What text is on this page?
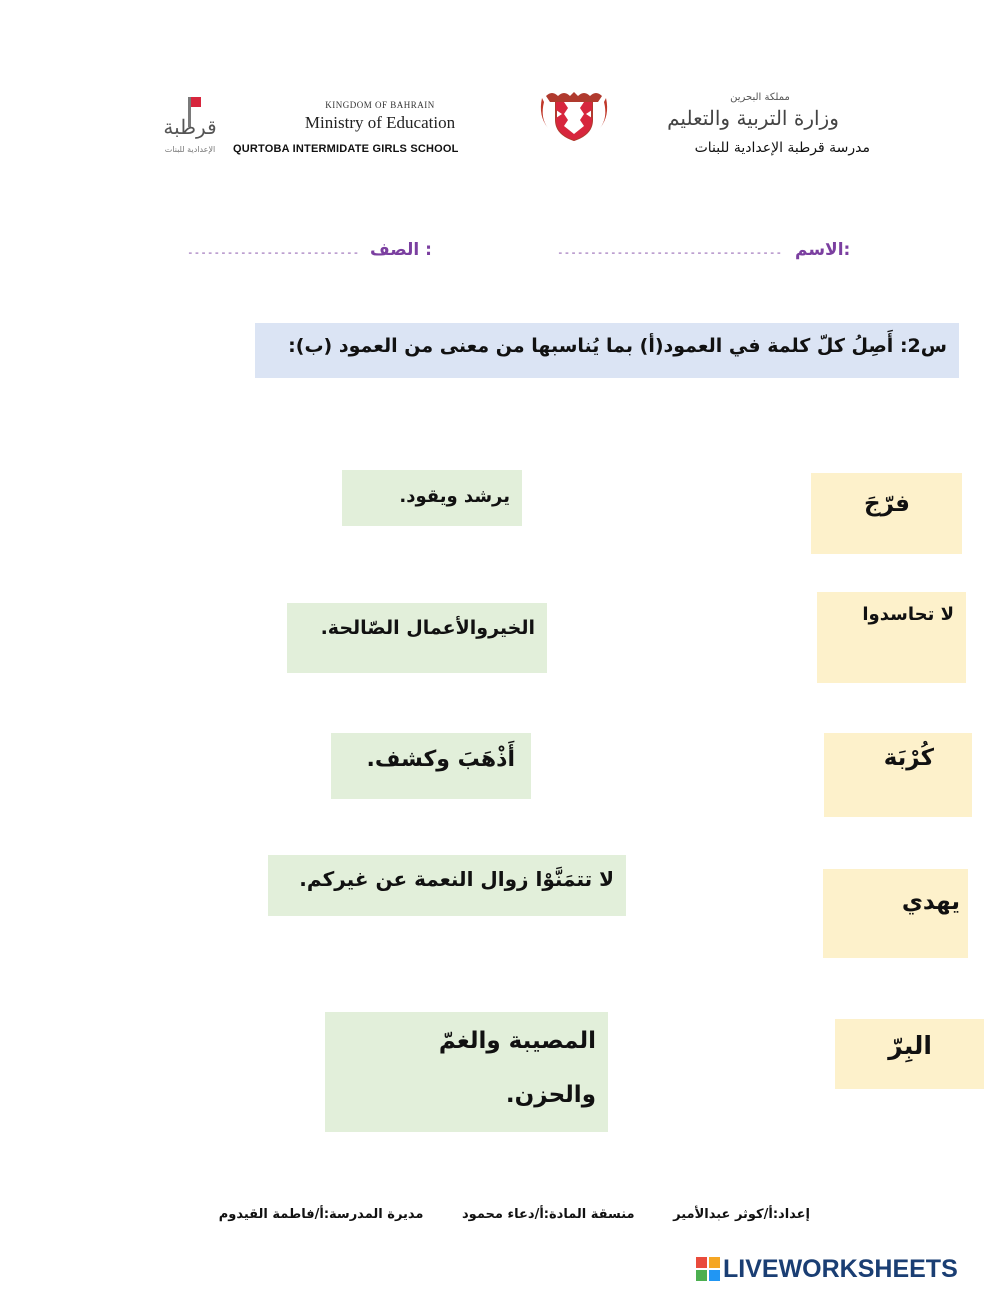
قرطبة
الإعدادية للبنات
KINGDOM OF BAHRAIN
Ministry of Education
QURTOBA INTERMIDATE GIRLS SCHOOL
مملكة البحرين
وزارة التربية والتعليم
مدرسة قرطبة الإعدادية للبنات
الاسم:
----------------------------------
الصف :
--------------------------
س2: أَصِلُ كلّ كلمة في العمود(أ) بما يُناسبها من معنى من العمود (ب):
يرشد ويقود.
الخيروالأعمال الصّالحة.
أَذْهَبَ وكشف.
لا تتمَنَّوْا زوال النعمة عن غيركم.
المصيبة والغمّ
والحزن.
فرّجَ
لا تحاسدوا
كُرْبَة
يهدي
البِرّ
إعداد:أ/كوثر عبدالأمير منسقة المادة:أ/دعاء محمود مديرة المدرسة:أ/فاطمة القيدوم
LIVEWORKSHEETS
